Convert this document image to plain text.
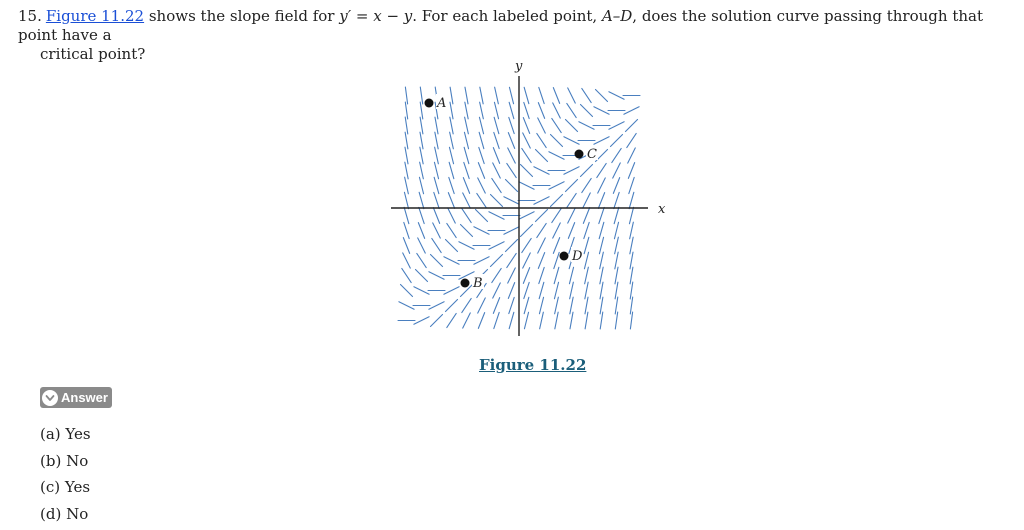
15. Figure 11.22 shows the slope field for y′ = x − y. For each labeled point, A–D, does the solution curve passing through that point have a
critical point?
x
y
A
B
C
D
Figure 11.22
Answer
(a) Yes
(b) No
(c) Yes
(d) No
